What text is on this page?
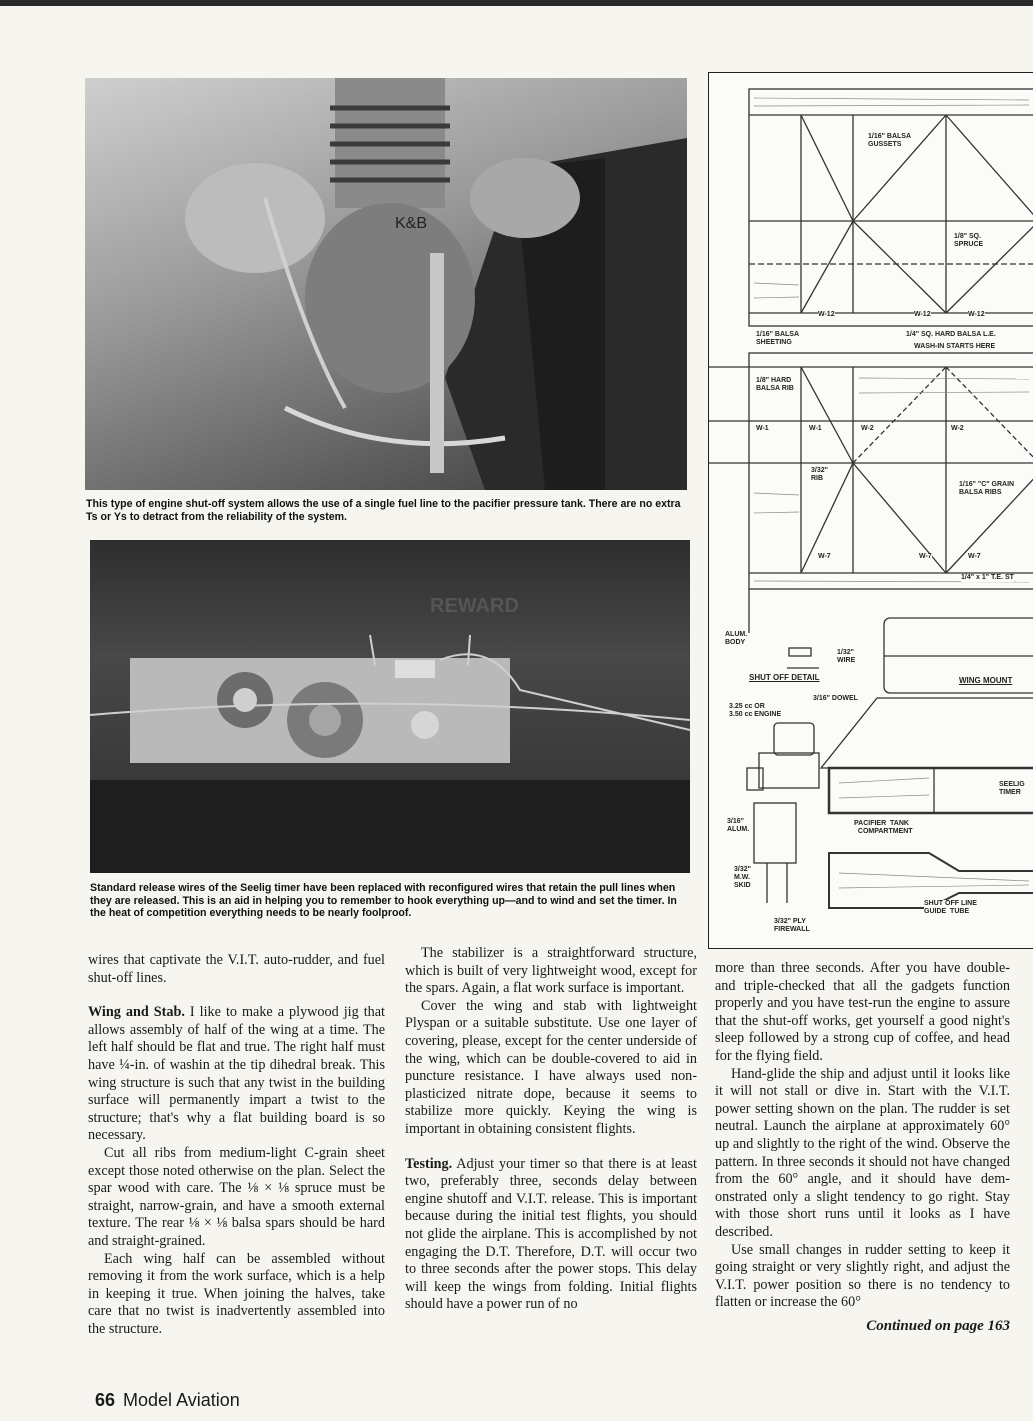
K&B
This type of engine shut-off system allows the use of a single fuel line to the pacifier pressure tank. There are no extra Ts or Ys to detract from the reliability of the system.
REWARD
Standard release wires of the Seelig timer have been replaced with reconfigured wires that retain the pull lines when they are released. This is an aid in helping you to remember to hook everything up—and to wind and set the timer. In the heat of competition everything needs to be nearly foolproof.
1/16" BALSA
GUSSETS
1/8" SQ.
SPRUCE
W-12	W-12	W-12
1/16" BALSA
SHEETING
1/4" SQ. HARD BALSA L.E.
WASH-IN STARTS HERE
1/8" HARD
BALSA RIB
W-1	W-1	W-2	W-2
3/32"
RIB
1/16" "C" GRAIN
BALSA RIBS
W-7	W-7	W-7
1/4" x 1" T.E. ST
ALUM.
BODY
1/32"
WIRE
SHUT OFF DETAIL	WING MOUNT
3/16" DOWEL
3.25 cc OR
3.50 cc ENGINE
SEELIG
TIMER
3/16"
ALUM.
PACIFIER  TANK
COMPARTMENT
3/32"
M.W.
SKID
SHUT OFF LINE
GUIDE  TUBE
3/32" PLY
FIREWALL

wires that captivate the V.I.T. auto-rudder, and fuel shut-off lines.

Wing and Stab. I like to make a plywood jig that allows assembly of half of the wing at a time. The left half should be flat and true. The right half must have ¼-in. of washin at the tip dihedral break. This wing structure is such that any twist in the building surface will permanently impart a twist to the structure; that's why a flat building board is so necessary.

Cut all ribs from medium-light C-grain sheet except those noted otherwise on the plan. Select the spar wood with care. The ⅛ × ⅛ spruce must be straight, narrow-grain, and have a smooth external texture. The rear ⅛ × ⅛ balsa spars should be hard and straight-grained.

Each wing half can be assembled without removing it from the work surface, which is a help in keeping it true. When joining the halves, take care that no twist is inadvertently assembled into the structure.

The stabilizer is a straightforward structure, which is built of very lightweight wood, except for the spars. Again, a flat work surface is important.

Cover the wing and stab with lightweight Plyspan or a suitable substitute. Use one layer of covering, please, except for the center underside of the wing, which can be double-covered to aid in puncture resistance. I have always used non-plasticized nitrate dope, because it seems to stabilize more quickly. Keying the wing is important in obtaining consistent flights.

Testing. Adjust your timer so that there is at least two, preferably three, seconds delay between engine shutoff and V.I.T. release. This is important because during the initial test flights, you should not glide the airplane. This is accomplished by not engaging the D.T. Therefore, D.T. will occur two to three seconds after the power stops. This delay will keep the wings from folding. Initial flights should have a power run of no

more than three seconds. After you have double- and triple-checked that all the gadgets function properly and you have test-run the engine to assure that the shut-off works, get yourself a good night's sleep followed by a strong cup of coffee, and head for the flying field.

Hand-glide the ship and adjust until it looks like it will not stall or dive in. Start with the V.I.T. power setting shown on the plan. The rudder is set neutral. Launch the airplane at approximately 60° up and slightly to the right of the wind. Observe the pattern. In three seconds it should not have changed from the 60° angle, and it should have demonstrated only a slight tendency to go right. Stay with those short runs until it looks as I have described.

Use small changes in rudder setting to keep it going straight or very slightly right, and adjust the V.I.T. power position so there is no tendency to flatten or increase the 60°

Continued on page 163
66 Model Aviation
